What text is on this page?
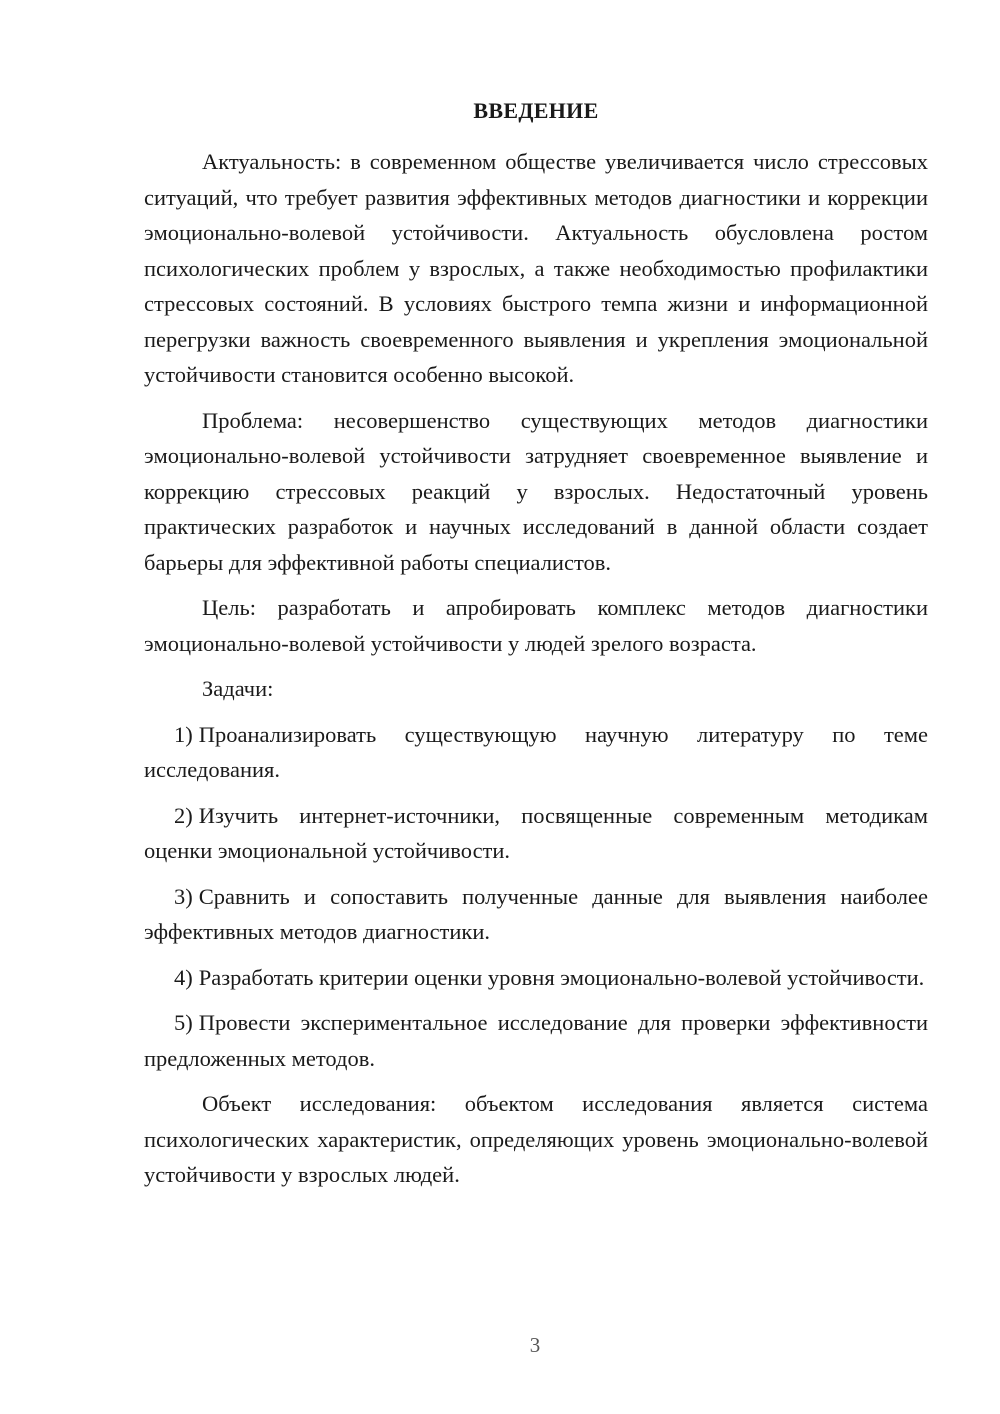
ВВЕДЕНИЕ

Актуальность: в современном обществе увеличивается число стрессовых ситуаций, что требует развития эффективных методов диагностики и коррекции эмоционально-волевой устойчивости. Актуальность обусловлена ростом психологических проблем у взрослых, а также необходимостью профилактики стрессовых состояний. В условиях быстрого темпа жизни и информационной перегрузки важность своевременного выявления и укрепления эмоциональной устойчивости становится особенно высокой.

Проблема: несовершенство существующих методов диагностики эмоционально-волевой устойчивости затрудняет своевременное выявление и коррекцию стрессовых реакций у взрослых. Недостаточный уровень практических разработок и научных исследований в данной области создает барьеры для эффективной работы специалистов.

Цель: разработать и апробировать комплекс методов диагностики эмоционально-волевой устойчивости у людей зрелого возраста.

Задачи:

1) Проанализировать существующую научную литературу по теме исследования.

2) Изучить интернет-источники, посвященные современным методикам оценки эмоциональной устойчивости.

3) Сравнить и сопоставить полученные данные для выявления наиболее эффективных методов диагностики.

4) Разработать критерии оценки уровня эмоционально-волевой устойчивости.

5) Провести экспериментальное исследование для проверки эффективности предложенных методов.

Объект исследования: объектом исследования является система психологических характеристик, определяющих уровень эмоционально-волевой устойчивости у взрослых людей.

3
